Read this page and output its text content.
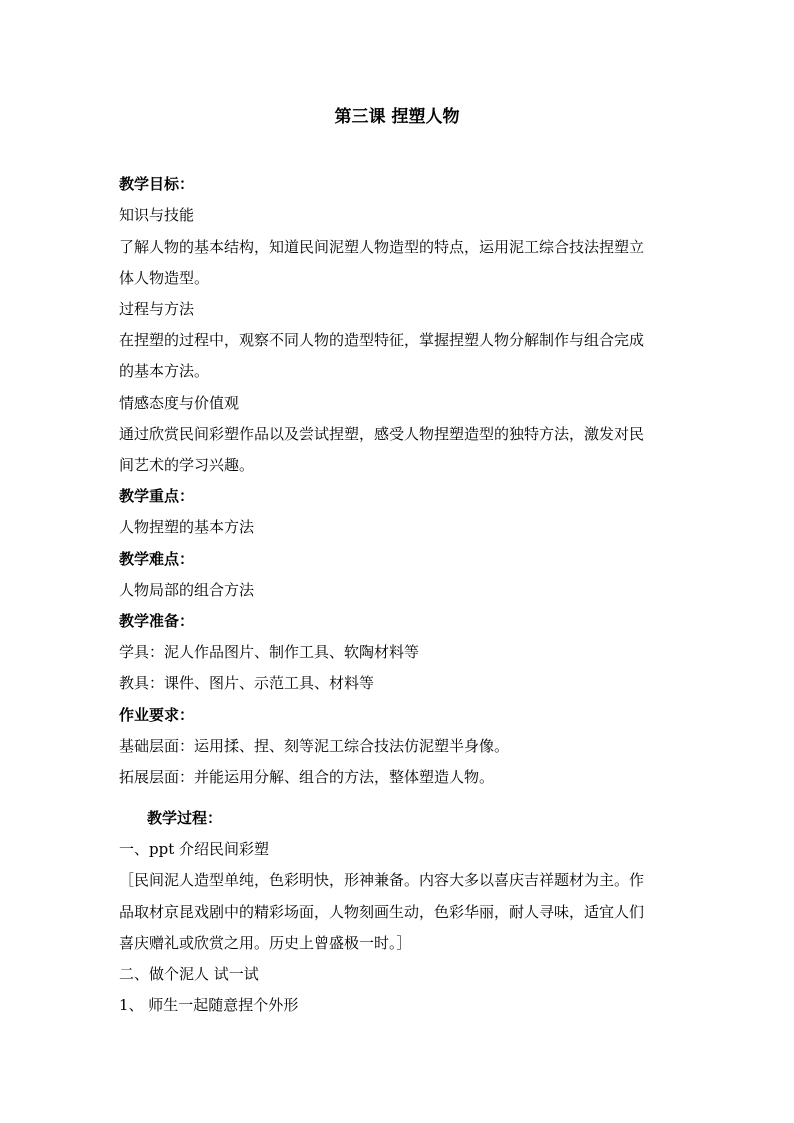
第三课 捏塑人物
教学目标：
知识与技能
了解人物的基本结构，知道民间泥塑人物造型的特点，运用泥工综合技法捏塑立
体人物造型。
过程与方法
在捏塑的过程中，观察不同人物的造型特征，掌握捏塑人物分解制作与组合完成
的基本方法。
情感态度与价值观
通过欣赏民间彩塑作品以及尝试捏塑，感受人物捏塑造型的独特方法，激发对民
间艺术的学习兴趣。
教学重点：
人物捏塑的基本方法
教学难点：
人物局部的组合方法
教学准备：
学具：泥人作品图片、制作工具、软陶材料等
教具：课件、图片、示范工具、材料等
作业要求：
基础层面：运用揉、捏、刻等泥工综合技法仿泥塑半身像。
拓展层面：并能运用分解、组合的方法，整体塑造人物。
教学过程：
一、ppt 介绍民间彩塑
［民间泥人造型单纯，色彩明快，形神兼备。内容大多以喜庆吉祥题材为主。作
品取材京昆戏剧中的精彩场面，人物刻画生动，色彩华丽，耐人寻味，适宜人们
喜庆赠礼或欣赏之用。历史上曾盛极一时。］
二、做个泥人 试一试
1、 师生一起随意捏个外形
